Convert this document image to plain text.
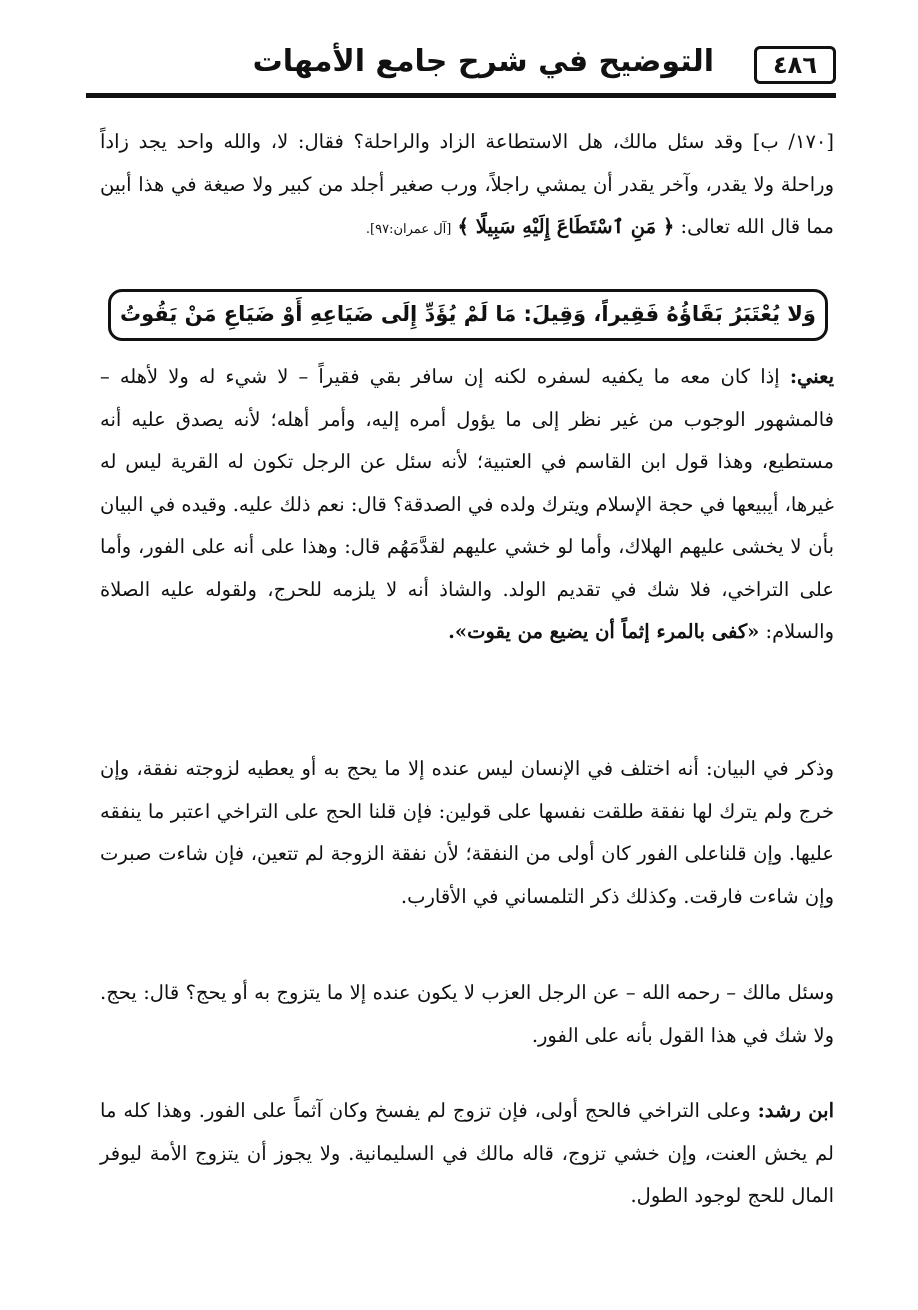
٤٨٦
التوضيح في شرح جامع الأمهات

[١٧٠/ ب] وقد سئل مالك، هل الاستطاعة الزاد والراحلة؟ فقال: لا، والله واحد يجد زاداً وراحلة ولا يقدر، وآخر يقدر أن يمشي راجلاً، ورب صغير أجلد من كبير ولا صيغة في هذا أبين مما قال الله تعالى: ﴿ مَنِ ٱسْتَطَاعَ إِلَيْهِ سَبِيلًا ﴾ [آل عمران:٩٧].

وَلا يُعْتَبَرُ بَقَاؤُهُ فَقِيراً، وَقِيلَ: مَا لَمْ يُؤَدِّ إِلَى ضَيَاعِهِ أَوْ ضَيَاعِ مَنْ يَقُوتُ

يعني: إذا كان معه ما يكفيه لسفره لكنه إن سافر بقي فقيراً – لا شيء له ولا لأهله – فالمشهور الوجوب من غير نظر إلى ما يؤول أمره إليه، وأمر أهله؛ لأنه يصدق عليه أنه مستطيع، وهذا قول ابن القاسم في العتبية؛ لأنه سئل عن الرجل تكون له القرية ليس له غيرها، أيبيعها في حجة الإسلام ويترك ولده في الصدقة؟ قال: نعم ذلك عليه. وقيده في البيان بأن لا يخشى عليهم الهلاك، وأما لو خشي عليهم لقدَّمَهُم قال: وهذا على أنه على الفور، وأما على التراخي، فلا شك في تقديم الولد. والشاذ أنه لا يلزمه للحرج، ولقوله عليه الصلاة والسلام: «كفى بالمرء إثماً أن يضيع من يقوت».

وذكر في البيان: أنه اختلف في الإنسان ليس عنده إلا ما يحج به أو يعطيه لزوجته نفقة، وإن خرج ولم يترك لها نفقة طلقت نفسها على قولين: فإن قلنا الحج على التراخي اعتبر ما ينفقه عليها. وإن قلناعلى الفور كان أولى من النفقة؛ لأن نفقة الزوجة لم تتعين، فإن شاءت صبرت وإن شاءت فارقت. وكذلك ذكر التلمساني في الأقارب.

وسئل مالك – رحمه الله – عن الرجل العزب لا يكون عنده إلا ما يتزوج به أو يحج؟ قال: يحج. ولا شك في هذا القول بأنه على الفور.

ابن رشد: وعلى التراخي فالحج أولى، فإن تزوج لم يفسخ وكان آثماً على الفور. وهذا كله ما لم يخش العنت، وإن خشي تزوج، قاله مالك في السليمانية. ولا يجوز أن يتزوج الأمة ليوفر المال للحج لوجود الطول.
